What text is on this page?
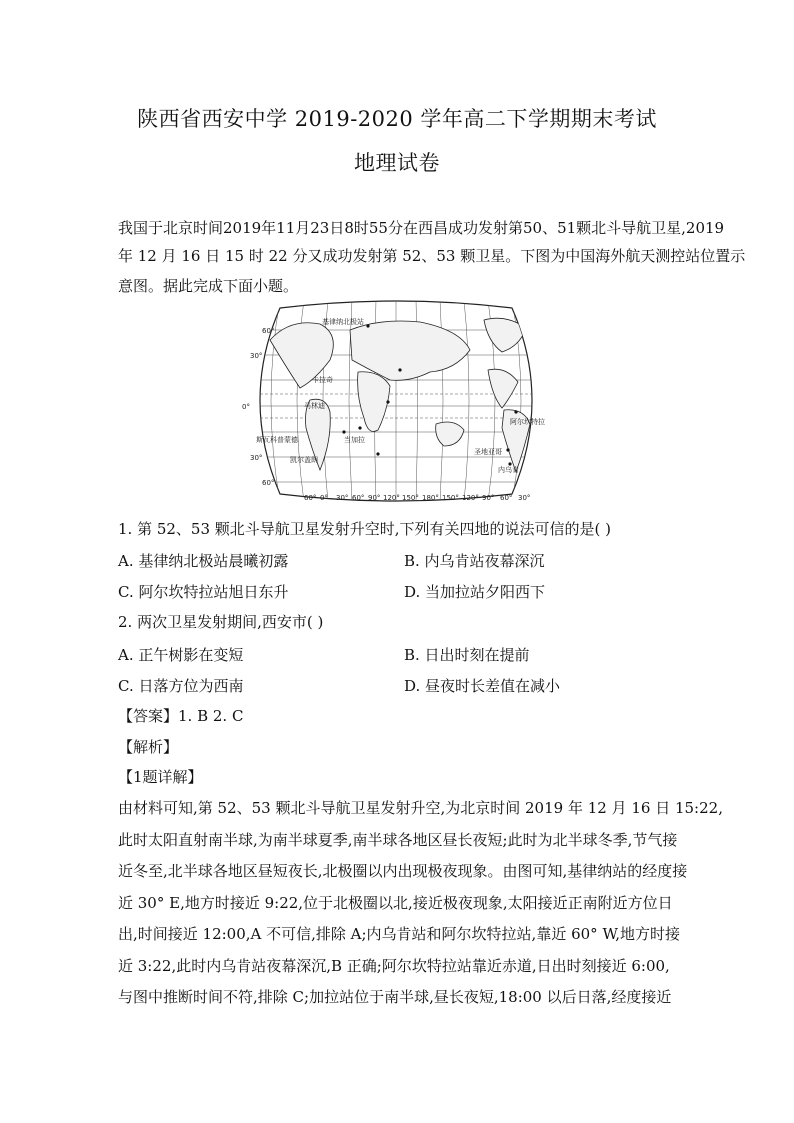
陕西省西安中学 2019-2020 学年高二下学期期末考试
地理试卷
我国于北京时间2019年11月23日8时55分在西昌成功发射第50、51颗北斗导航卫星,2019
年 12 月 16 日 15 时 22 分又成功发射第 52、53 颗卫星。下图为中国海外航天测控站位置示
意图。据此完成下面小题。
基律纳北极站
卡拉奇
马林迪
斯瓦科普蒙德
凯尔盖朗
当加拉
阿尔坎特拉
圣地亚哥
内乌肯
60°
30°
0°
30°
60°
60° 0° 30° 60° 90° 120° 150° 180° 150° 120° 90° 60° 30°
1. 第 52、53 颗北斗导航卫星发射升空时,下列有关四地的说法可信的是( )
A. 基律纳北极站晨曦初露	B. 内乌肯站夜幕深沉
C. 阿尔坎特拉站旭日东升	D. 当加拉站夕阳西下
2. 两次卫星发射期间,西安市( )
A. 正午树影在变短	B. 日出时刻在提前
C. 日落方位为西南	D. 昼夜时长差值在减小
【答案】1. B 2. C
【解析】
【1题详解】
由材料可知,第 52、53 颗北斗导航卫星发射升空,为北京时间 2019 年 12 月 16 日 15:22,
此时太阳直射南半球,为南半球夏季,南半球各地区昼长夜短;此时为北半球冬季,节气接
近冬至,北半球各地区昼短夜长,北极圈以内出现极夜现象。由图可知,基律纳站的经度接
近 30° E,地方时接近 9:22,位于北极圈以北,接近极夜现象,太阳接近正南附近方位日
出,时间接近 12:00,A 不可信,排除 A;内乌肯站和阿尔坎特拉站,靠近 60° W,地方时接
近 3:22,此时内乌肯站夜幕深沉,B 正确;阿尔坎特拉站靠近赤道,日出时刻接近 6:00,
与图中推断时间不符,排除 C;加拉站位于南半球,昼长夜短,18:00 以后日落,经度接近
